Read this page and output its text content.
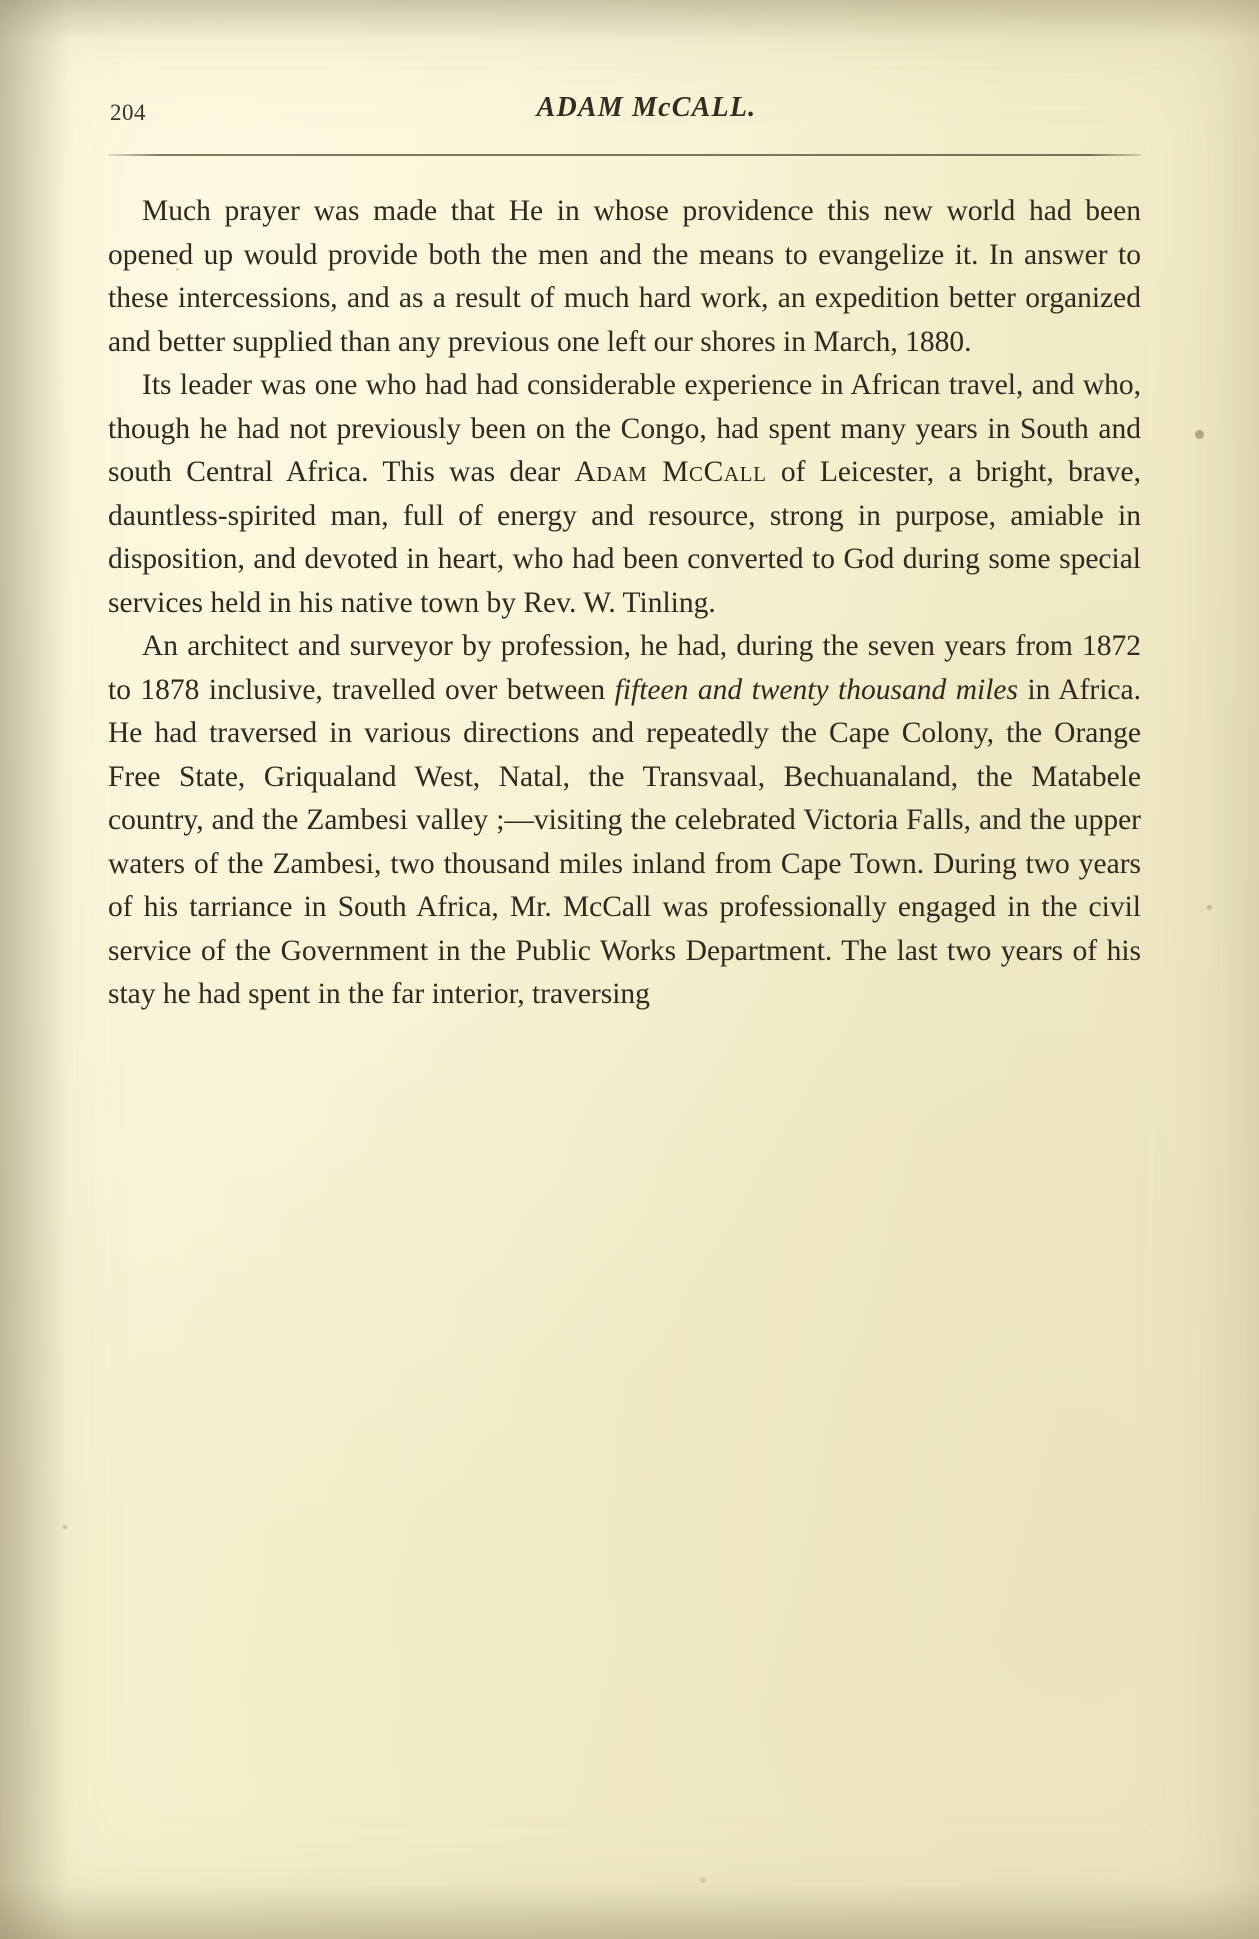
204	ADAM McCALL.

Much prayer was made that He in whose providence this new world had been opened up would provide both the men and the means to evangelize it. In answer to these intercessions, and as a result of much hard work, an expedition better organized and better supplied than any previous one left our shores in March, 1880.

Its leader was one who had had considerable experience in African travel, and who, though he had not previously been on the Congo, had spent many years in South and south Central Africa. This was dear Adam McCall of Leicester, a bright, brave, dauntless-spirited man, full of energy and resource, strong in purpose, amiable in disposition, and devoted in heart, who had been converted to God during some special services held in his native town by Rev. W. Tinling.

An architect and surveyor by profession, he had, during the seven years from 1872 to 1878 inclusive, travelled over between fifteen and twenty thousand miles in Africa. He had traversed in various directions and repeatedly the Cape Colony, the Orange Free State, Griqualand West, Natal, the Transvaal, Bechuanaland, the Matabele country, and the Zambesi valley ;—visiting the celebrated Victoria Falls, and the upper waters of the Zambesi, two thousand miles inland from Cape Town. During two years of his tarriance in South Africa, Mr. McCall was professionally engaged in the civil service of the Government in the Public Works Department. The last two years of his stay he had spent in the far interior, traversing
